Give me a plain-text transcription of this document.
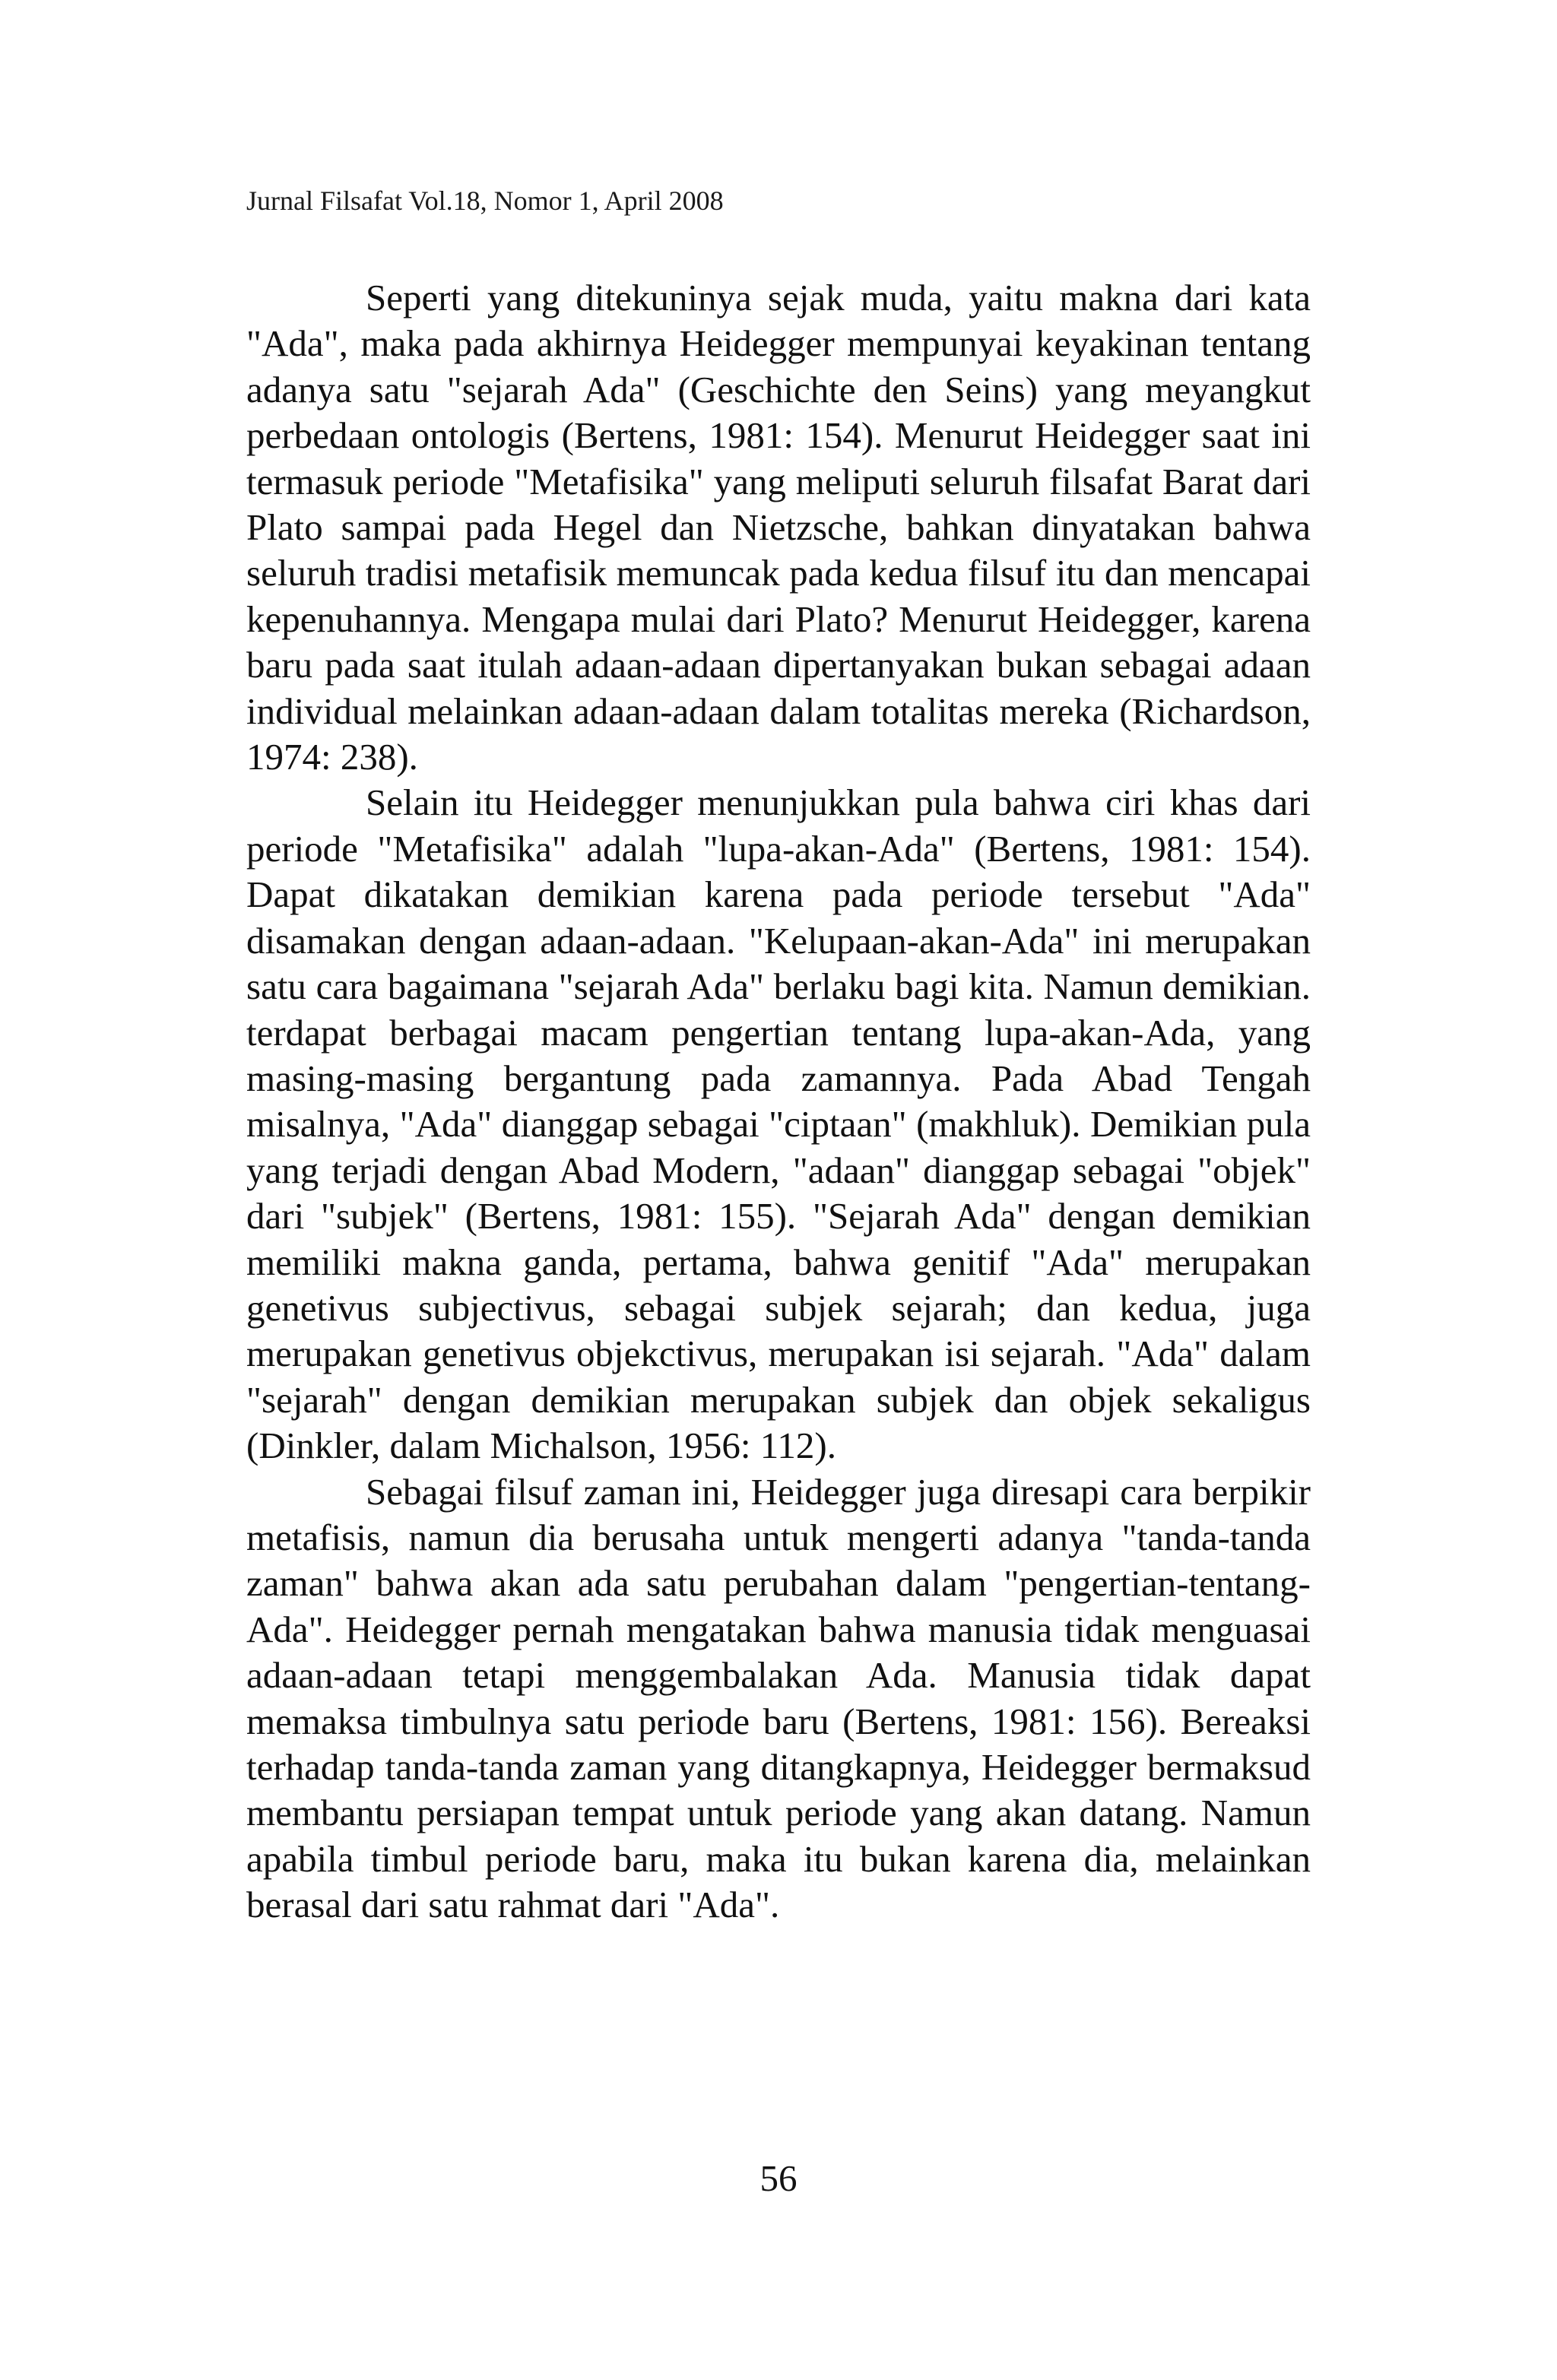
Jurnal Filsafat Vol.18, Nomor 1, April 2008

Seperti yang ditekuninya sejak muda, yaitu makna dari kata "Ada", maka pada akhirnya Heidegger mempunyai keyakinan tentang adanya satu "sejarah Ada" (Geschichte den Seins) yang meyangkut perbedaan ontologis (Bertens, 1981: 154). Menurut Heidegger saat ini termasuk periode "Metafisika" yang meliputi seluruh filsafat Barat dari Plato sampai pada Hegel dan Nietzsche, bahkan dinyatakan bahwa seluruh tradisi metafisik memuncak pada kedua filsuf itu dan mencapai kepenuhannya. Mengapa mulai dari Plato? Menurut Heidegger, karena baru pada saat itulah adaan-adaan dipertanyakan bukan sebagai adaan individual melainkan adaan-adaan dalam totalitas mereka (Richardson, 1974: 238).

Selain itu Heidegger menunjukkan pula bahwa ciri khas dari periode "Metafisika" adalah "lupa-akan-Ada" (Bertens, 1981: 154). Dapat dikatakan demikian karena pada periode tersebut "Ada" disamakan dengan adaan-adaan. "Kelupaan-akan-Ada" ini merupakan satu cara bagaimana "sejarah Ada" berlaku bagi kita. Namun demikian. terdapat berbagai macam pengertian tentang lupa-akan-Ada, yang masing-masing bergantung pada zamannya. Pada Abad Tengah misalnya, "Ada" dianggap sebagai "ciptaan" (makhluk). Demikian pula yang terjadi dengan Abad Modern, "adaan" dianggap sebagai "objek" dari "subjek" (Bertens, 1981: 155). "Sejarah Ada" dengan demikian memiliki makna ganda, pertama, bahwa genitif "Ada" merupakan genetivus subjectivus, sebagai subjek sejarah; dan kedua, juga merupakan genetivus objekctivus, merupakan isi sejarah. "Ada" dalam "sejarah" dengan demikian merupakan subjek dan objek sekaligus (Dinkler, dalam Michalson, 1956: 112).

Sebagai filsuf zaman ini, Heidegger juga diresapi cara berpikir metafisis, namun dia berusaha untuk mengerti adanya "tanda-tanda zaman" bahwa akan ada satu perubahan dalam "pengertian-tentang-Ada". Heidegger pernah mengatakan bahwa manusia tidak menguasai adaan-adaan tetapi menggembalakan Ada. Manusia tidak dapat memaksa timbulnya satu periode baru (Bertens, 1981: 156). Bereaksi terhadap tanda-tanda zaman yang ditangkapnya, Heidegger bermaksud membantu persiapan tempat untuk periode yang akan datang. Namun apabila timbul periode baru, maka itu bukan karena dia, melainkan berasal dari satu rahmat dari "Ada".

56
